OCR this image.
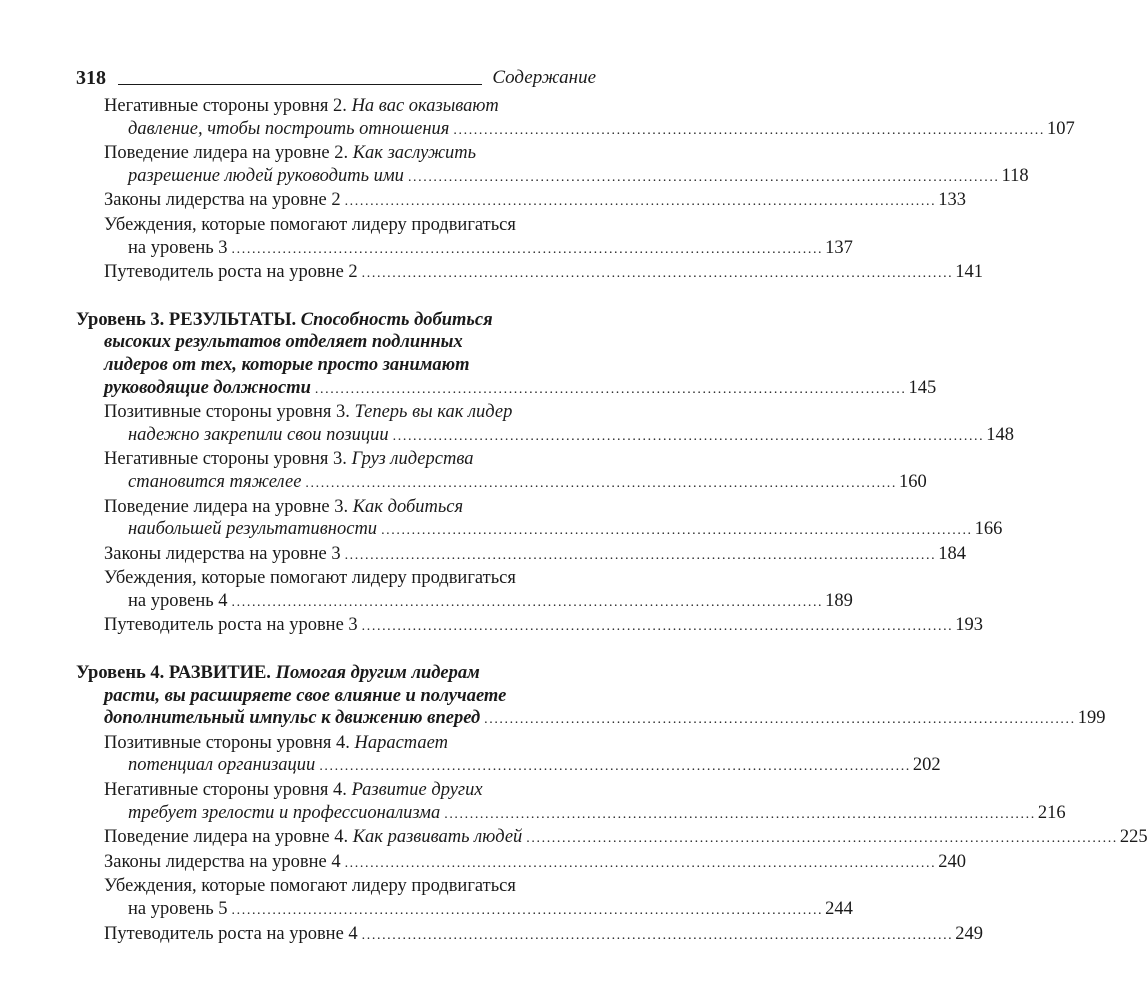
318	Содержание
Негативные стороны уровня 2. На вас оказывают
давление, чтобы построить отношения .................................................................................................................... 107
Поведение лидера на уровне 2. Как заслужить
разрешение людей руководить ими .................................................................................................................... 118
Законы лидерства на уровне 2 .................................................................................................................... 133
Убеждения, которые помогают лидеру продвигаться
на уровень 3 .................................................................................................................... 137
Путеводитель роста на уровне 2 .................................................................................................................... 141
Уровень 3. РЕЗУЛЬТАТЫ. Способность добиться
высоких результатов отделяет подлинных
лидеров от тех, которые просто занимают
руководящие должности .................................................................................................................... 145
Позитивные стороны уровня 3. Теперь вы как лидер
надежно закрепили свои позиции .................................................................................................................... 148
Негативные стороны уровня 3. Груз лидерства
становится тяжелее .................................................................................................................... 160
Поведение лидера на уровне 3. Как добиться
наибольшей результативности .................................................................................................................... 166
Законы лидерства на уровне 3 .................................................................................................................... 184
Убеждения, которые помогают лидеру продвигаться
на уровень 4 .................................................................................................................... 189
Путеводитель роста на уровне 3 .................................................................................................................... 193
Уровень 4. РАЗВИТИЕ. Помогая другим лидерам
расти, вы расширяете свое влияние и получаете
дополнительный импульс к движению вперед .................................................................................................................... 199
Позитивные стороны уровня 4. Нарастает
потенциал организации .................................................................................................................... 202
Негативные стороны уровня 4. Развитие других
требует зрелости и профессионализма .................................................................................................................... 216
Поведение лидера на уровне 4. Как развивать людей .................................................................................................................... 225
Законы лидерства на уровне 4 .................................................................................................................... 240
Убеждения, которые помогают лидеру продвигаться
на уровень 5 .................................................................................................................... 244
Путеводитель роста на уровне 4 .................................................................................................................... 249
